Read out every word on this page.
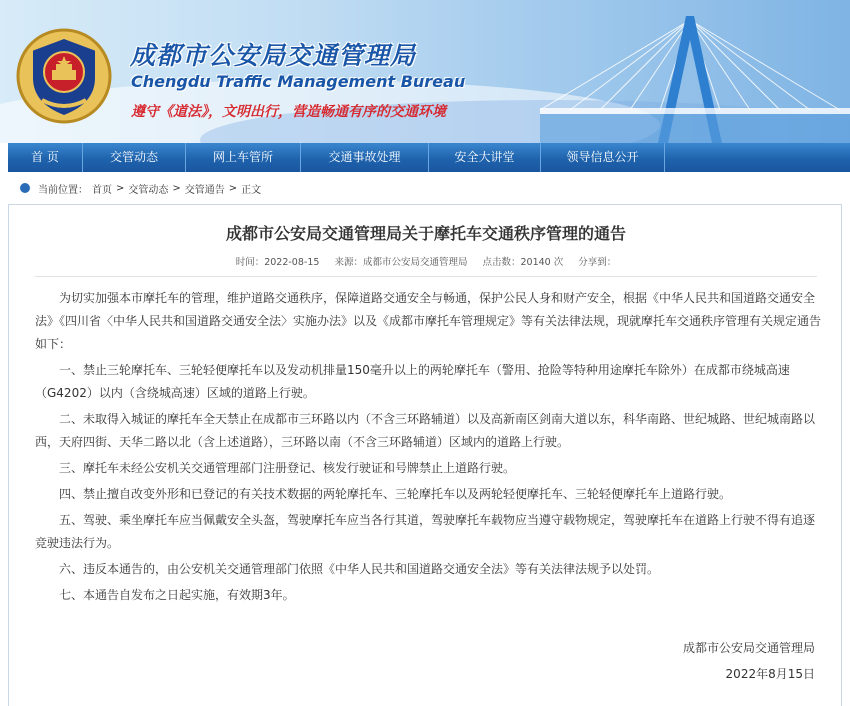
成都市公安局交通管理局
Chengdu Traffic Management Bureau
遵守《道法》，文明出行，营造畅通有序的交通环境
首 页	交管动态	网上车管所	交通事故处理	安全大讲堂	领导信息公开
当前位置： 首页 > 交管动态 > 交管通告 > 正文
成都市公安局交通管理局关于摩托车交通秩序管理的通告
时间：2022-08-15 来源：成都市公安局交通管理局 点击数：20140 次 分享到：

为切实加强本市摩托车的管理，维护道路交通秩序，保障道路交通安全与畅通，保护公民人身和财产安全，根据《中华人民共和国道路交通安全法》《四川省〈中华人民共和国道路交通安全法〉实施办法》以及《成都市摩托车管理规定》等有关法律法规，现就摩托车交通秩序管理有关规定通告如下：

一、禁止三轮摩托车、三轮轻便摩托车以及发动机排量150毫升以上的两轮摩托车（警用、抢险等特种用途摩托车除外）在成都市绕城高速（G4202）以内（含绕城高速）区域的道路上行驶。

二、未取得入城证的摩托车全天禁止在成都市三环路以内（不含三环路辅道）以及高新南区剑南大道以东，科华南路、世纪城路、世纪城南路以西，天府四街、天华二路以北（含上述道路），三环路以南（不含三环路辅道）区域内的道路上行驶。

三、摩托车未经公安机关交通管理部门注册登记、核发行驶证和号牌禁止上道路行驶。

四、禁止擅自改变外形和已登记的有关技术数据的两轮摩托车、三轮摩托车以及两轮轻便摩托车、三轮轻便摩托车上道路行驶。

五、驾驶、乘坐摩托车应当佩戴安全头盔，驾驶摩托车应当各行其道，驾驶摩托车载物应当遵守载物规定，驾驶摩托车在道路上行驶不得有追逐竞驶违法行为。

六、违反本通告的，由公安机关交通管理部门依照《中华人民共和国道路交通安全法》等有关法律法规予以处罚。

七、本通告自发布之日起实施，有效期3年。

成都市公安局交通管理局
2022年8月15日
